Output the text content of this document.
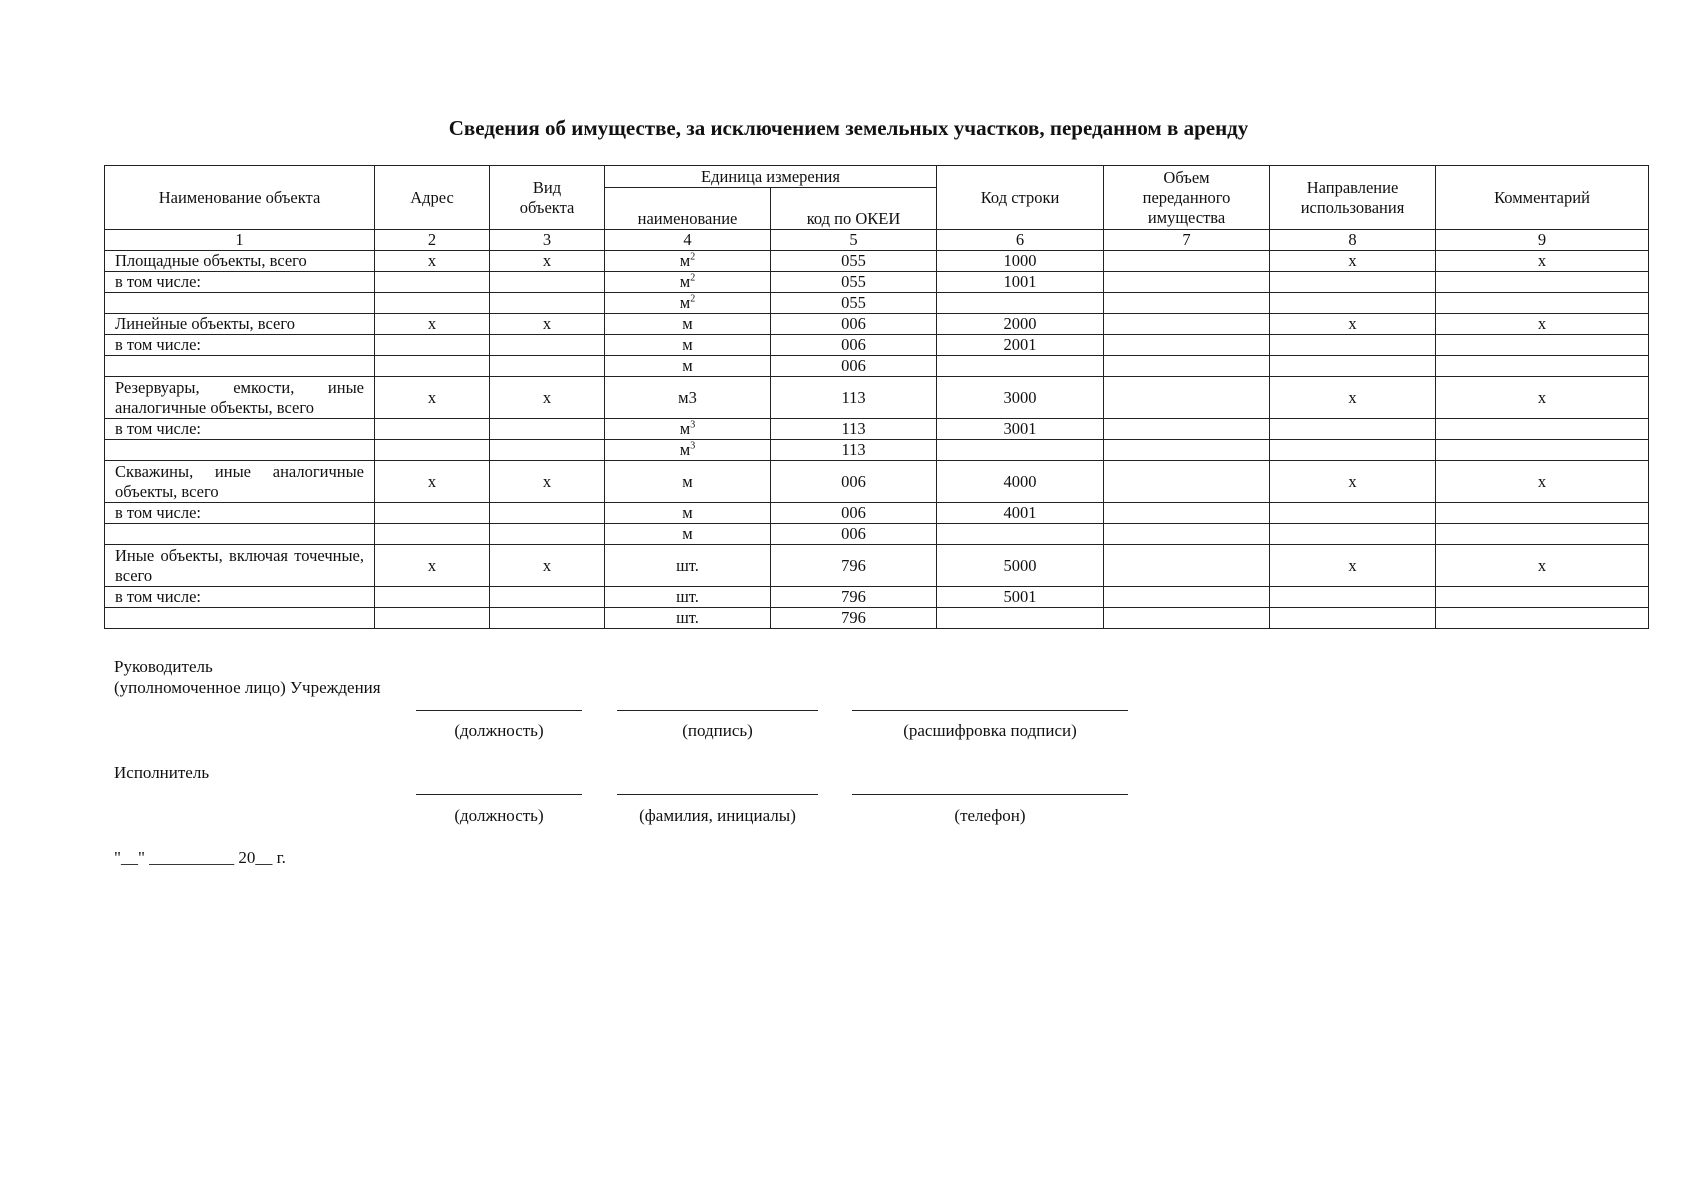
Сведения об имуществе, за исключением земельных участков, переданном в аренду
Наименование объекта	Адрес	Вид объекта	Единица измерения		Код строки	Объем переданного имущества	Направление использования	Комментарий
			наименование	код по ОКЕИ				
1	2	3	4	5	6	7	8	9
Площадные объекты, всего	х	х	$м^2$	055	1000		х	х
в том числе:			$м^2$	055	1001			
			$м^2$	055				
Линейные объекты, всего	х	х	м	006	2000		х	х
в том числе:			м	006	2001			
			м	006				
Резервуары, емкости, иные аналогичные объекты, всего	х	х	м3	113	3000		х	х
в том числе:			$м^3$	113	3001			
			$м^3$	113				
Скважины, иные аналогичные объекты, всего	х	х	м	006	4000		х	х
в том числе:			м	006	4001			
			м	006				
Иные объекты, включая точечные, всего	х	х	шт.	796	5000		х	х
в том числе:			шт.	796	5001			
			шт.	796				
Руководитель
(уполномоченное лицо) Учреждения
(должность)	(подпись)	(расшифровка подписи)
Исполнитель
(должность)	(фамилия, инициалы)	(телефон)
"__" __________ 20__ г.
